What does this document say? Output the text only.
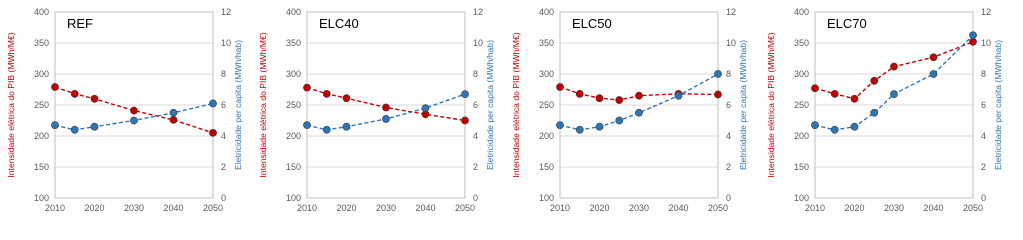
100
150
200
250
300
350
400
0
2
4
6
8
10
12
2010 2020 2030 2040 2050
REF
Intensidade elétrica do PIB (MWh/M€)	Eletricidade per capita (MWh/hab)
100
150
200
250
300
350
400
0
2
4
6
8
10
12
2010 2020 2030 2040 2050
ELC40
Intensidade elétrica do PIB (MWh/M€)	Eletricidade per capita (MWh/hab)
100
150
200
250
300
350
400
0
2
4
6
8
10
12
2010 2020 2030 2040 2050
ELC50
Intensidade elétrica do PIB (MWh/M€)	Eletricidade per capita (MWh/hab)
100
150
200
250
300
350
400
0
2
4
6
8
10
12
2010 2020 2030 2040 2050
ELC70
Intensidade elétrica do PIB (MWh/M€)	Eletricidade per capita (MWh/hab)
